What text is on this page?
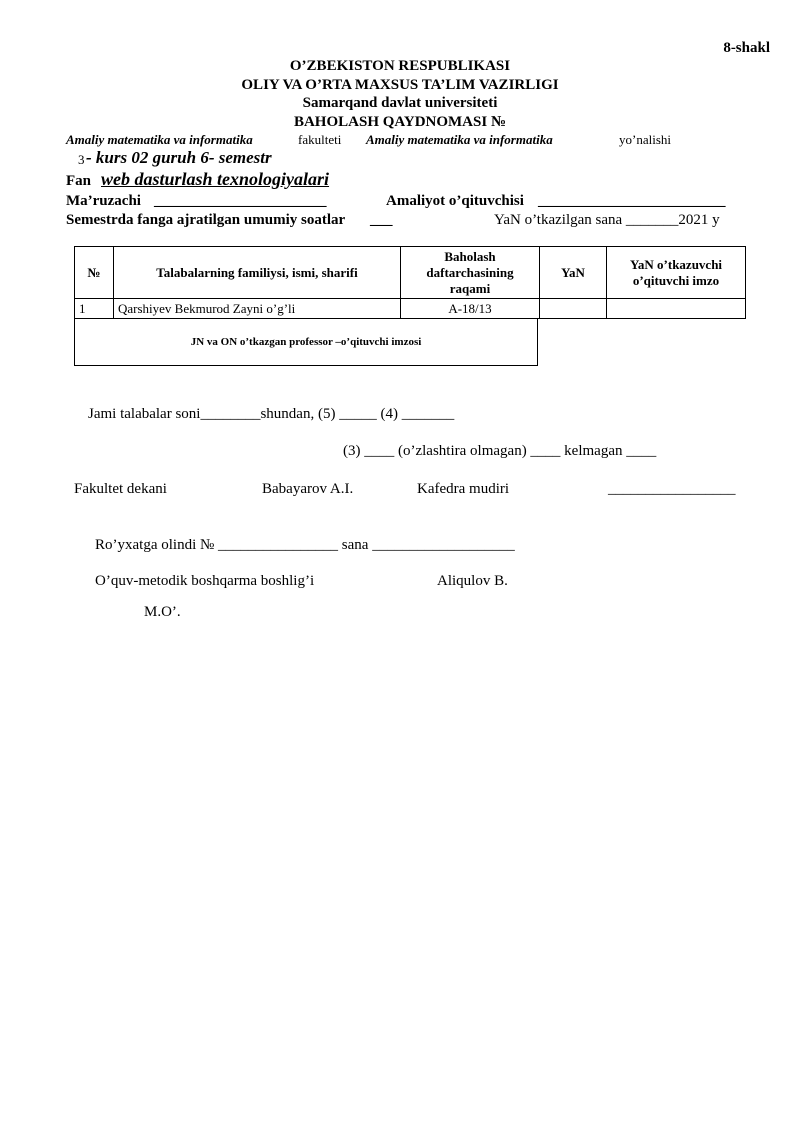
8-shakl
O’ZBEKISTON RESPUBLIKASI
OLIY VA O’RTA MAXSUS TA’LIM VAZIRLIGI
Samarqand davlat universiteti
BAHOLASH QAYDNOMASI №
Amaliy matematika va informatika	fakulteti Amaliy matematika va informatika	yo’nalishi
3 - kurs 02 guruh 6- semestr
Fan web dasturlash texnologiyalari
Ma’ruzachi _______________________	Amaliyot o’qituvchisi _________________________
Semestrda fanga ajratilgan umumiy soatlar ___	YaN o’tkazilgan sana _______2021 y
№	Talabalarning familiysi, ismi, sharifi	Baholash daftarchasining raqami	YaN	YaN o’tkazuvchi o’qituvchi imzo
1	Qarshiyev Bekmurod Zayni o’g’li	A-18/13		
JN va ON o’tkazgan professor –o’qituvchi imzosi
Jami talabalar soni________shundan, (5) _____ (4) _______
(3) ____ (o’zlashtira olmagan) ____ kelmagan ____
Fakultet dekani	Babayarov A.I.	Kafedra mudiri	_________________
Ro’yxatga olindi № ________________ sana ___________________
O’quv-metodik boshqarma boshlig’i	Aliqulov B.
M.O’.
